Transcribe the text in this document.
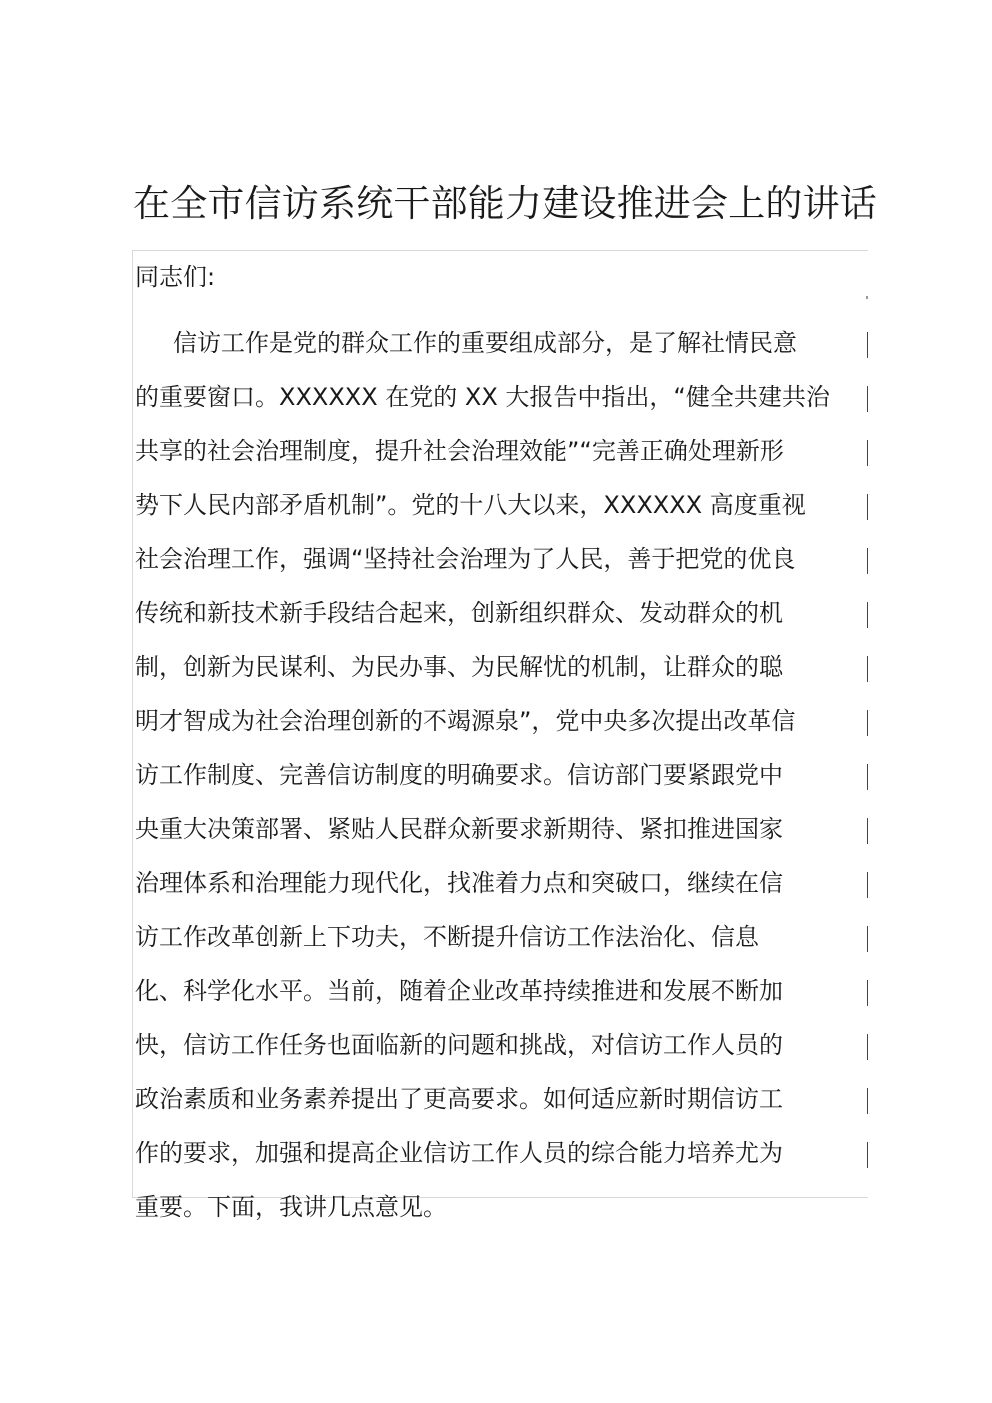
在全市信访系统干部能力建设推进会上的讲话

同志们:

信访工作是党的群众工作的重要组成部分，是了解社情民意
的重要窗口。XXXXXX 在党的 XX 大报告中指出，“健全共建共治
共享的社会治理制度，提升社会治理效能”“完善正确处理新形
势下人民内部矛盾机制”。党的十八大以来，XXXXXX 高度重视
社会治理工作，强调“坚持社会治理为了人民，善于把党的优良
传统和新技术新手段结合起来，创新组织群众、发动群众的机
制，创新为民谋利、为民办事、为民解忧的机制，让群众的聪
明才智成为社会治理创新的不竭源泉”，党中央多次提出改革信
访工作制度、完善信访制度的明确要求。信访部门要紧跟党中
央重大决策部署、紧贴人民群众新要求新期待、紧扣推进国家
治理体系和治理能力现代化，找准着力点和突破口，继续在信
访工作改革创新上下功夫，不断提升信访工作法治化、信息
化、科学化水平。当前，随着企业改革持续推进和发展不断加
快，信访工作任务也面临新的问题和挑战，对信访工作人员的
政治素质和业务素养提出了更高要求。如何适应新时期信访工
作的要求，加强和提高企业信访工作人员的综合能力培养尤为
重要。下面，我讲几点意见。
